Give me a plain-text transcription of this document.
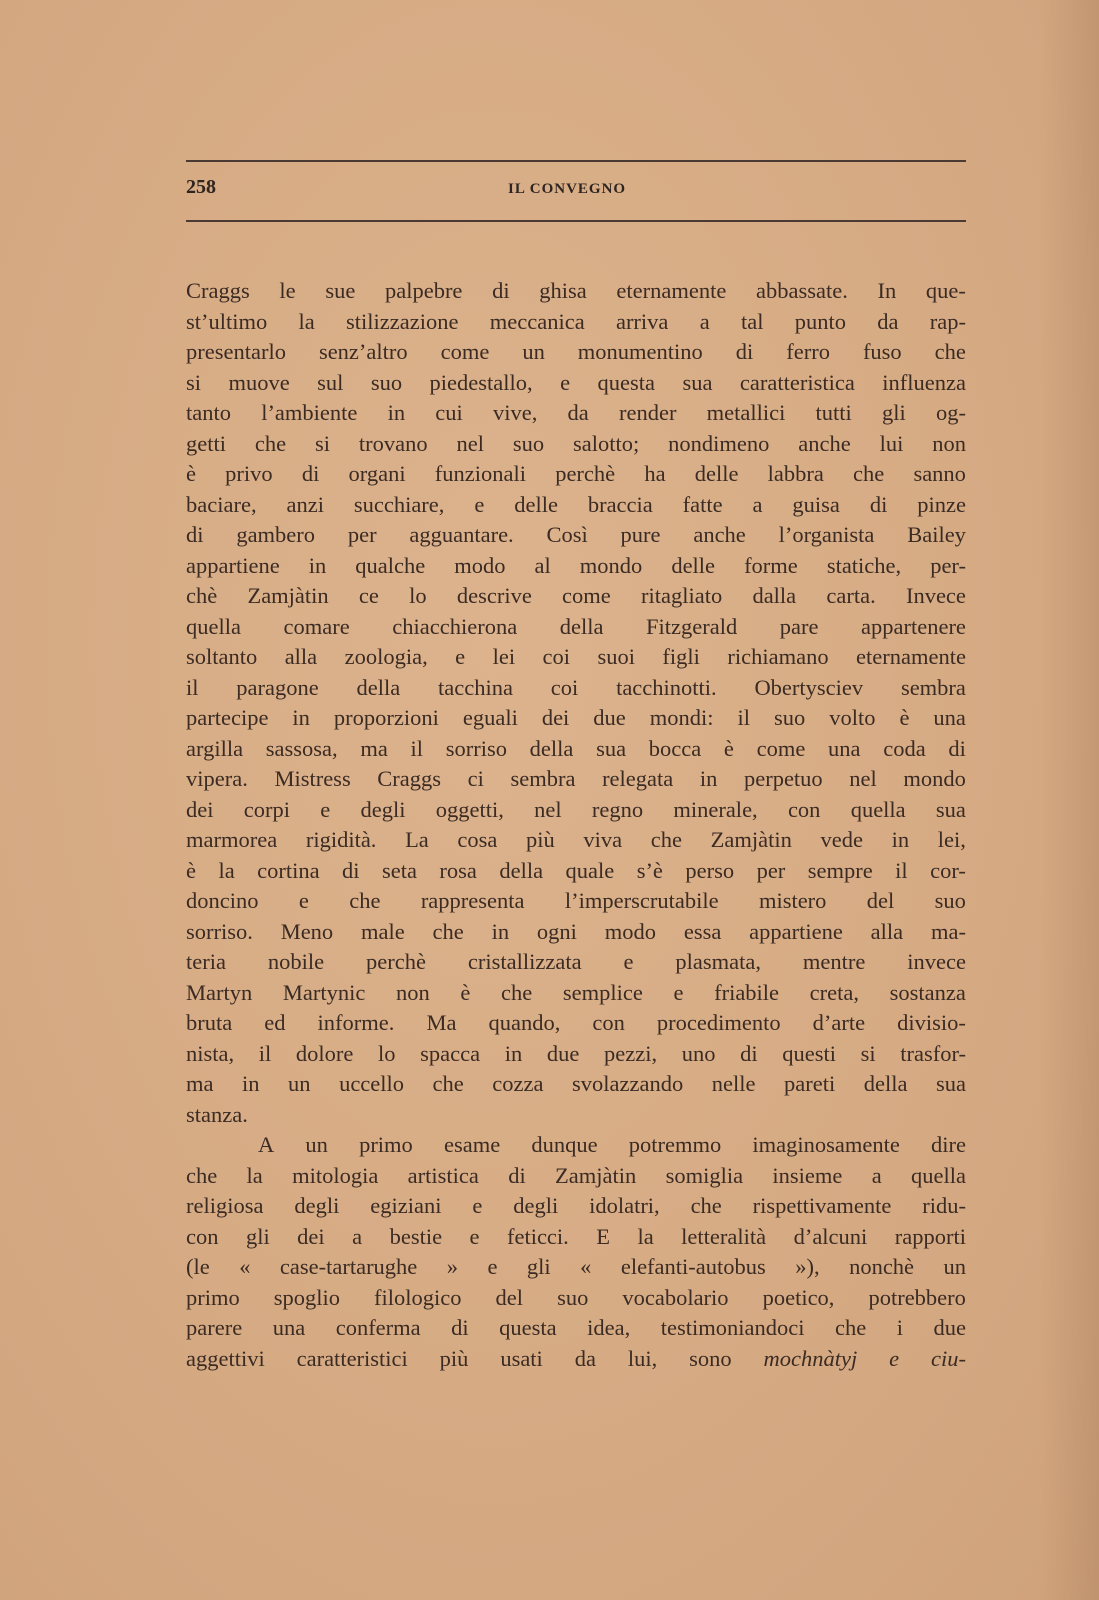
258	IL CONVEGNO
Craggs le sue palpebre di ghisa eternamente abbassate. In que-
st’ultimo la stilizzazione meccanica arriva a tal punto da rap-
presentarlo senz’altro come un monumentino di ferro fuso che
si muove sul suo piedestallo, e questa sua caratteristica influenza
tanto l’ambiente in cui vive, da render metallici tutti gli og-
getti che si trovano nel suo salotto; nondimeno anche lui non
è privo di organi funzionali perchè ha delle labbra che sanno
baciare, anzi succhiare, e delle braccia fatte a guisa di pinze
di gambero per agguantare. Così pure anche l’organista Bailey
appartiene in qualche modo al mondo delle forme statiche, per-
chè Zamjàtin ce lo descrive come ritagliato dalla carta. Invece
quella comare chiacchierona della Fitzgerald pare appartenere
soltanto alla zoologia, e lei coi suoi figli richiamano eternamente
il paragone della tacchina coi tacchinotti. Obertysciev sembra
partecipe in proporzioni eguali dei due mondi: il suo volto è una
argilla sassosa, ma il sorriso della sua bocca è come una coda di
vipera. Mistress Craggs ci sembra relegata in perpetuo nel mondo
dei corpi e degli oggetti, nel regno minerale, con quella sua
marmorea rigidità. La cosa più viva che Zamjàtin vede in lei,
è la cortina di seta rosa della quale s’è perso per sempre il cor-
doncino e che rappresenta l’imperscrutabile mistero del suo
sorriso. Meno male che in ogni modo essa appartiene alla ma-
teria nobile perchè cristallizzata e plasmata, mentre invece
Martyn Martynic non è che semplice e friabile creta, sostanza
bruta ed informe. Ma quando, con procedimento d’arte divisio-
nista, il dolore lo spacca in due pezzi, uno di questi si trasfor-
ma in un uccello che cozza svolazzando nelle pareti della sua
stanza.
A un primo esame dunque potremmo imaginosamente dire
che la mitologia artistica di Zamjàtin somiglia insieme a quella
religiosa degli egiziani e degli idolatri, che rispettivamente ridu-
con gli dei a bestie e feticci. E la letteralità d’alcuni rapporti
(le « case-tartarughe » e gli « elefanti-autobus »), nonchè un
primo spoglio filologico del suo vocabolario poetico, potrebbero
parere una conferma di questa idea, testimoniandoci che i due
aggettivi caratteristici più usati da lui, sono mochnàtyj e ciu-
